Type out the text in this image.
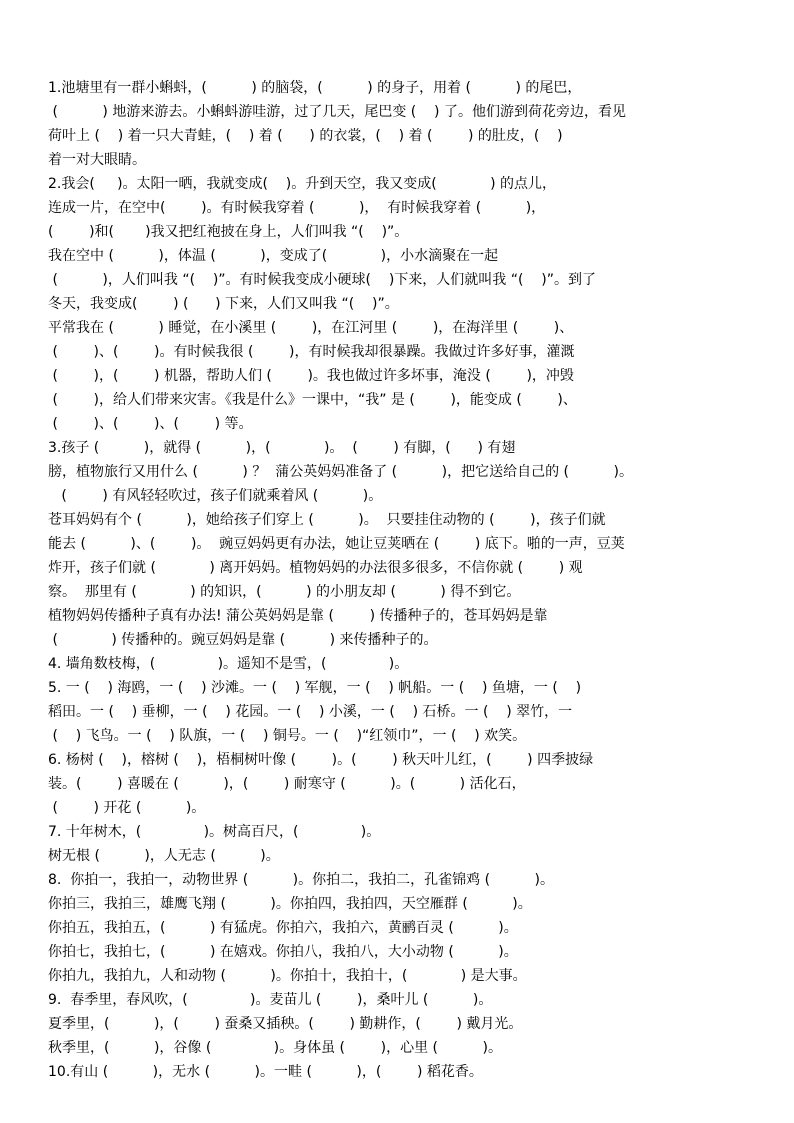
1.池塘里有一群小蝌蚪，(          ) 的脑袋，(          ) 的身子，用着 (          ) 的尾巴，
(          ) 地游来游去。小蝌蚪游哇游，过了几天，尾巴变 (    ) 了。他们游到荷花旁边，看见
荷叶上 (    ) 着一只大青蛙，(    ) 着 (      ) 的衣裳，(    ) 着 (        ) 的肚皮，(    )
着一对大眼睛。
2.我会(     )。太阳一晒，我就变成(    )。升到天空，我又变成(            ) 的点儿，
连成一片，在空中(        )。有时候我穿着 (          )，  有时候我穿着 (          )，
(        )和(       )我又把红袍披在身上，人们叫我 “(    )”。
我在空中 (          )，体温 (          )，变成了(            )，小水滴聚在一起
(          )，人们叫我 “(    )”。有时候我变成小硬球(    )下来，人们就叫我 “(    )”。到了
冬天，我变成(        ) (      ) 下来，人们又叫我 “(    )”。
平常我在 (          ) 睡觉，在小溪里 (        )，在江河里 (        )，在海洋里 (        )、
(        )、(        )。有时候我很 (        )，有时候我却很暴躁。我做过许多好事，灌溉
(        )，(        ) 机器，帮助人们 (        )。我也做过许多坏事，淹没 (        )，冲毁
(        )，给人们带来灾害。《我是什么》一课中，“我” 是 (        )，能变成 (        )、
(        )、(        )、(        ) 等。
3.孩子 (          )，就得 (          )，(            )。  (        ) 有脚，(      ) 有翅
膀，植物旅行又用什么 (          ) ？  蒲公英妈妈准备了 (          )，把它送给自己的 (          )。
(        ) 有风轻轻吹过，孩子们就乘着风 (          )。
苍耳妈妈有个 (          )，她给孩子们穿上 (          )。  只要挂住动物的 (        )，孩子们就
能去 (          )、(        )。  豌豆妈妈更有办法，她让豆荚晒在 (        ) 底下。啪的一声，豆荚
炸开，孩子们就 (            ) 离开妈妈。植物妈妈的办法很多很多，不信你就 (        ) 观
察。  那里有 (            ) 的知识，(          ) 的小朋友却 (          ) 得不到它。
植物妈妈传播种子真有办法! 蒲公英妈妈是靠 (        ) 传播种子的，苍耳妈妈是靠
(            ) 传播种的。豌豆妈妈是靠 (          ) 来传播种子的。
4. 墙角数枝梅，(              )。遥知不是雪，(              )。
5. 一 (    ) 海鸥，一 (    ) 沙滩。一 (    ) 军舰，一 (    ) 帆船。一 (    ) 鱼塘，一 (    )
稻田。一 (    ) 垂柳，一 (    ) 花园。一 (    ) 小溪，一 (    ) 石桥。一 (    ) 翠竹，一
(    ) 飞鸟。一 (    ) 队旗，一 (    ) 铜号。一 (    )“红领巾”，一 (    ) 欢笑。
6. 杨树 (    )，榕树 (    )，梧桐树叶像 (        )。(        ) 秋天叶儿红，(        ) 四季披绿
装。(        ) 喜暖在 (          )，(        ) 耐寒守 (          )。(          ) 活化石，
(        ) 开花 (          )。
7. 十年树木，(              )。树高百尺，(              )。
树无根 (          )，人无志 (          )。
8.  你拍一，我拍一，动物世界 (          )。你拍二，我拍二，孔雀锦鸡 (          )。
你拍三，我拍三，雄鹰飞翔 (          )。你拍四，我拍四，天空雁群 (          )。
你拍五，我拍五，(          ) 有猛虎。你拍六，我拍六，黄鹂百灵 (          )。
你拍七，我拍七，(          ) 在嬉戏。你拍八，我拍八，大小动物 (          )。
你拍九，我拍九，人和动物 (          )。你拍十，我拍十，(            ) 是大事。
9.  春季里，春风吹，(              )。麦苗儿 (        )，桑叶儿 (          )。
夏季里，(          )，(        ) 蚕桑又插秧。(        ) 勤耕作，(        ) 戴月光。
秋季里，(          )，谷像 (              )。身体虽 (        )，心里 (          )。
10.有山 (          )，无水 (          )。一畦 (          )，(        ) 稻花香。
